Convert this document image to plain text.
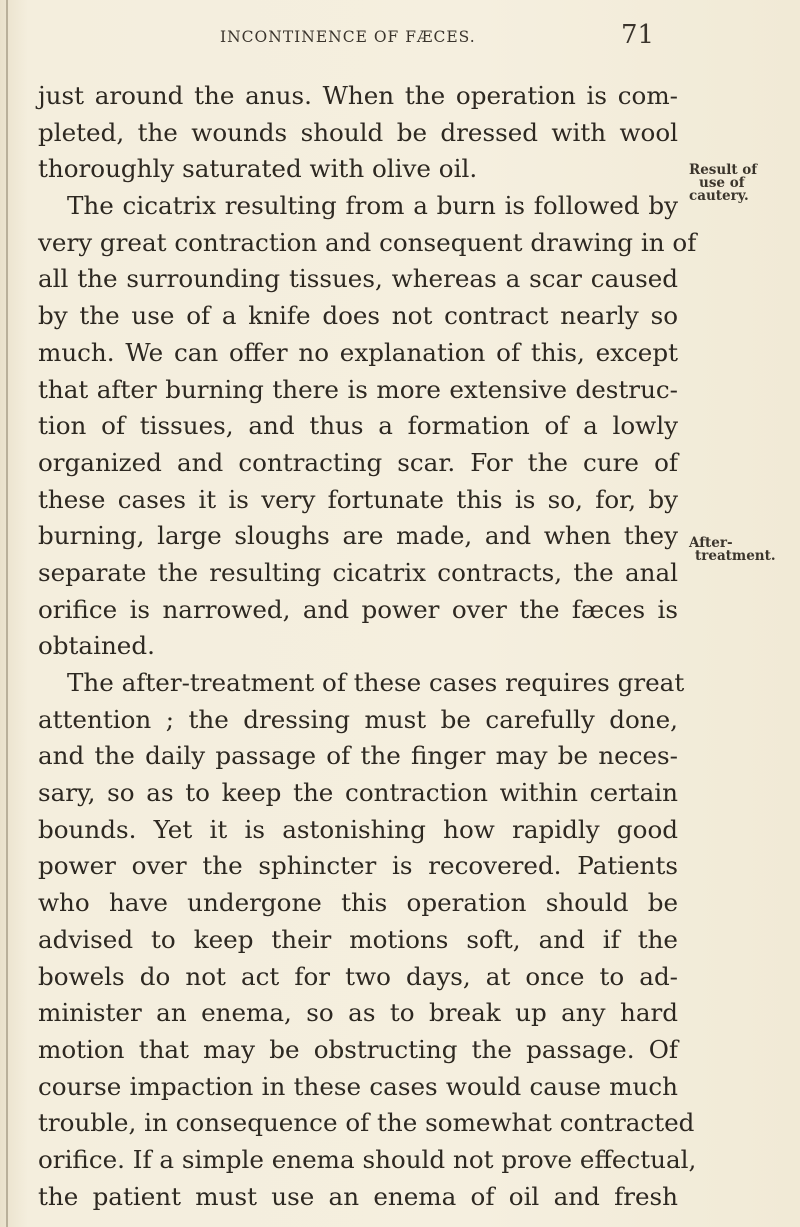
INCONTINENCE OF FÆCES.	71
just around the anus. When the operation is com-
pleted, the wounds should be dressed with wool
thoroughly saturated with olive oil.
The cicatrix resulting from a burn is followed by
very great contraction and consequent drawing in of
all the surrounding tissues, whereas a scar caused
by the use of a knife does not contract nearly so
much. We can offer no explanation of this, except
that after burning there is more extensive destruc-
tion of tissues, and thus a formation of a lowly
organized and contracting scar. For the cure of
these cases it is very fortunate this is so, for, by
burning, large sloughs are made, and when they
separate the resulting cicatrix contracts, the anal
orifice is narrowed, and power over the fæces is
obtained.
The after-treatment of these cases requires great
attention ; the dressing must be carefully done,
and the daily passage of the finger may be neces-
sary, so as to keep the contraction within certain
bounds. Yet it is astonishing how rapidly good
power over the sphincter is recovered. Patients
who have undergone this operation should be
advised to keep their motions soft, and if the
bowels do not act for two days, at once to ad-
minister an enema, so as to break up any hard
motion that may be obstructing the passage. Of
course impaction in these cases would cause much
trouble, in consequence of the somewhat contracted
orifice. If a simple enema should not prove effectual,
the patient must use an enema of oil and fresh
Result of
use of
cautery.
After-
treatment.
